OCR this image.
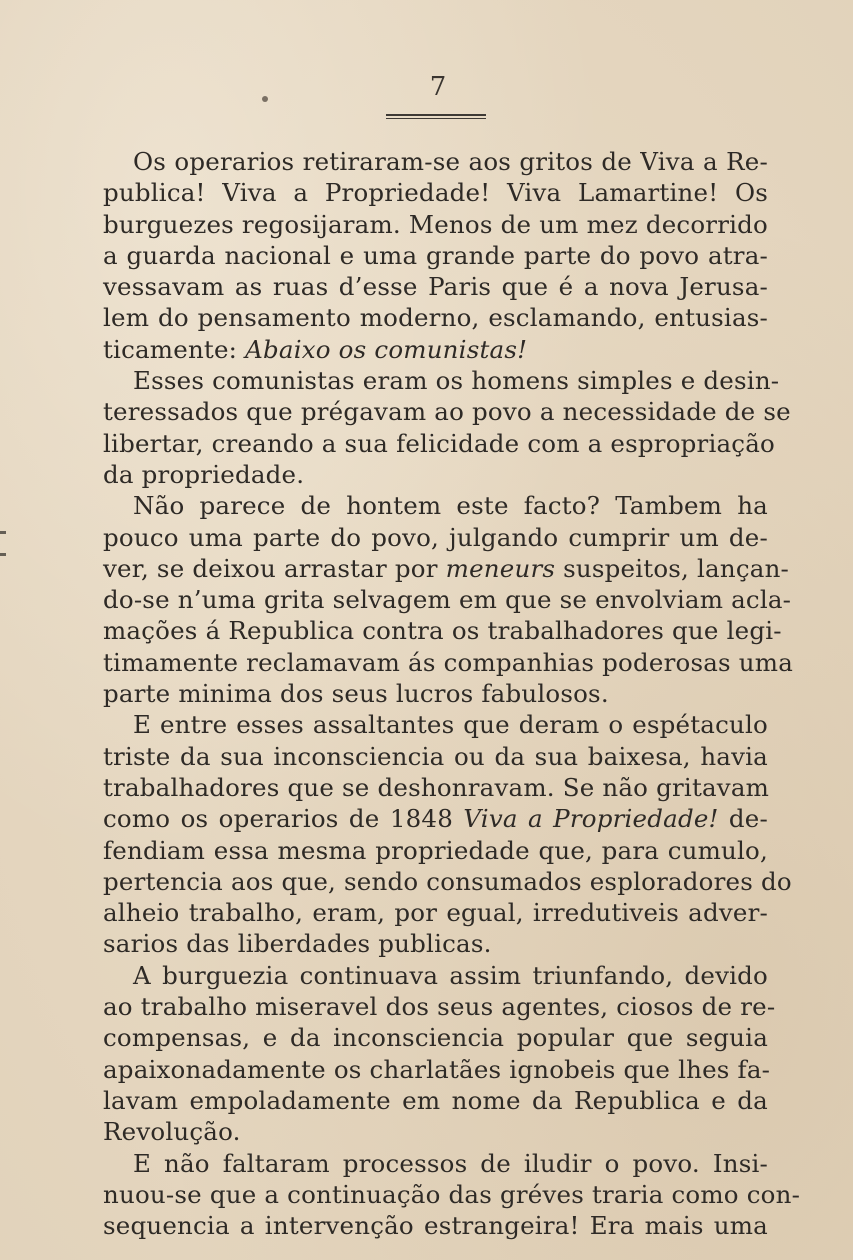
7
Os operarios retiraram-se aos gritos de Viva a Re-
publica! Viva a Propriedade! Viva Lamartine! Os
burguezes regosijaram. Menos de um mez decorrido
a guarda nacional e uma grande parte do povo atra-
vessavam as ruas d’esse Paris que é a nova Jerusa-
lem do pensamento moderno, esclamando, entusias-
ticamente: Abaixo os comunistas!
Esses comunistas eram os homens simples e desin-
teressados que prégavam ao povo a necessidade de se
libertar, creando a sua felicidade com a espropriação
da propriedade.
Não parece de hontem este facto? Tambem ha
pouco uma parte do povo, julgando cumprir um de-
ver, se deixou arrastar por meneurs suspeitos, lançan-
do-se n’uma grita selvagem em que se envolviam acla-
mações á Republica contra os trabalhadores que legi-
timamente reclamavam ás companhias poderosas uma
parte minima dos seus lucros fabulosos.
E entre esses assaltantes que deram o espétaculo
triste da sua inconsciencia ou da sua baixesa, havia
trabalhadores que se deshonravam. Se não gritavam
como os operarios de 1848 Viva a Propriedade! de-
fendiam essa mesma propriedade que, para cumulo,
pertencia aos que, sendo consumados esploradores do
alheio trabalho, eram, por egual, irredutiveis adver-
sarios das liberdades publicas.
A burguezia continuava assim triunfando, devido
ao trabalho miseravel dos seus agentes, ciosos de re-
compensas, e da inconsciencia popular que seguia
apaixonadamente os charlatães ignobeis que lhes fa-
lavam empoladamente em nome da Republica e da
Revolução.
E não faltaram processos de iludir o povo. Insi-
nuou-se que a continuação das gréves traria como con-
sequencia a intervenção estrangeira! Era mais uma
